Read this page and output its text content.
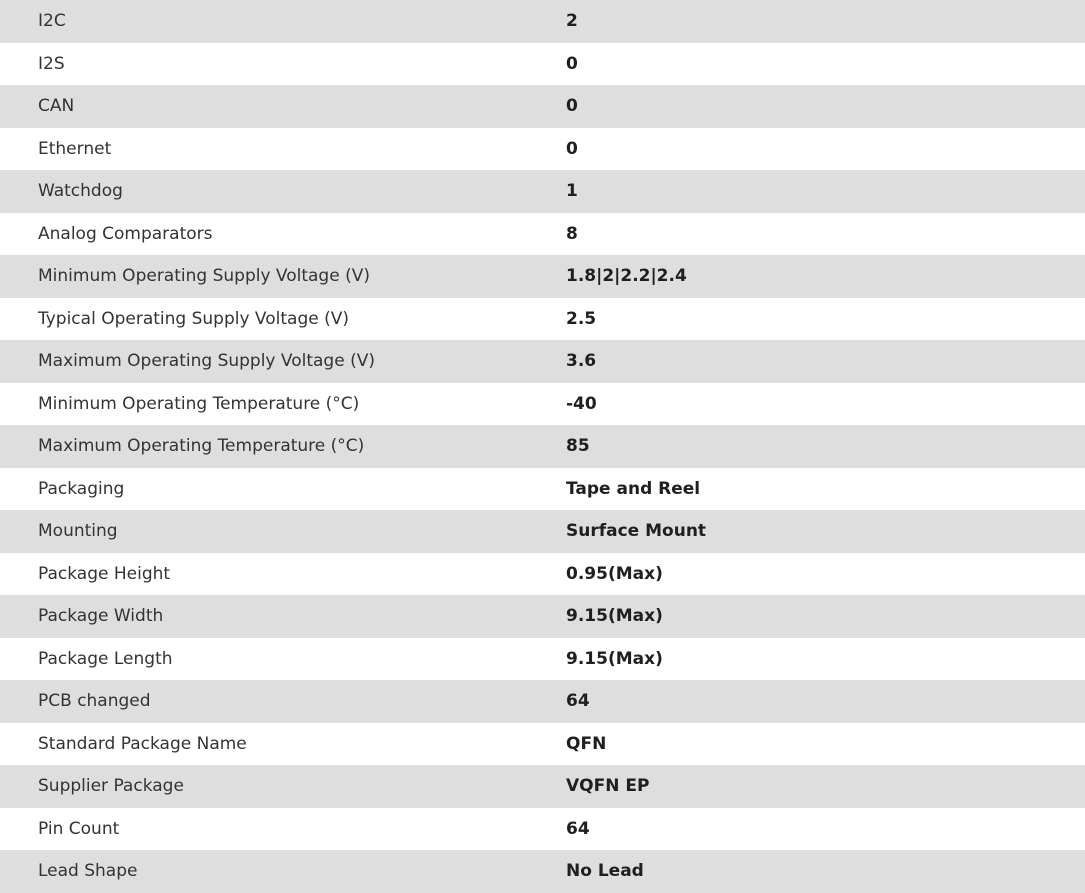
I2C	2
I2S	0
CAN	0
Ethernet	0
Watchdog	1
Analog Comparators	8
Minimum Operating Supply Voltage (V)	1.8|2|2.2|2.4
Typical Operating Supply Voltage (V)	2.5
Maximum Operating Supply Voltage (V)	3.6
Minimum Operating Temperature (°C)	-40
Maximum Operating Temperature (°C)	85
Packaging	Tape and Reel
Mounting	Surface Mount
Package Height	0.95(Max)
Package Width	9.15(Max)
Package Length	9.15(Max)
PCB changed	64
Standard Package Name	QFN
Supplier Package	VQFN EP
Pin Count	64
Lead Shape	No Lead
